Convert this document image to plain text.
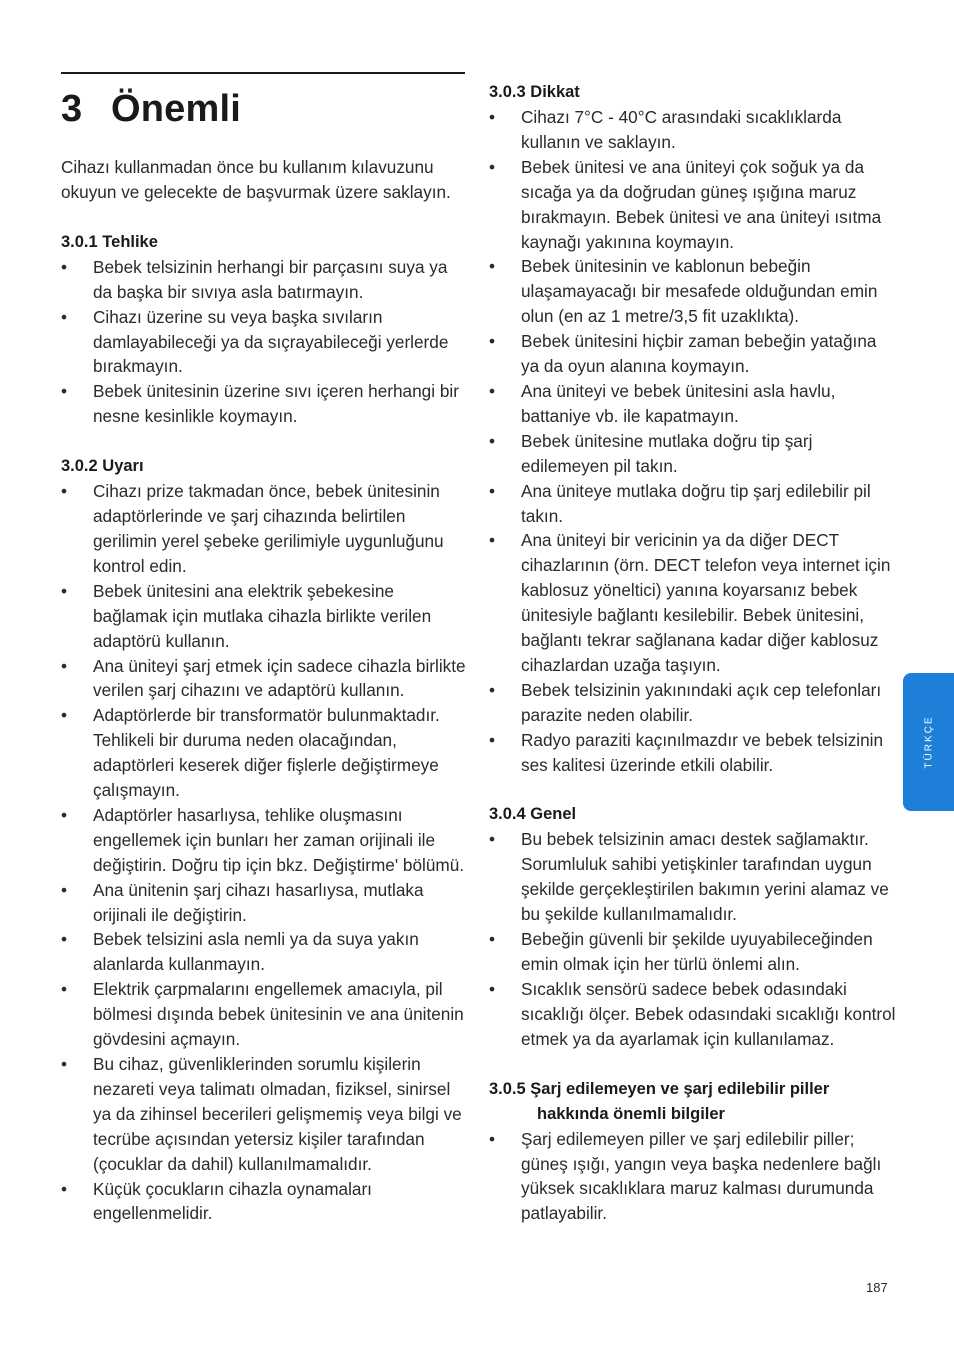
3 Önemli

Cihazı kullanmadan önce bu kullanım kılavuzunu okuyun ve gelecekte de başvurmak üzere saklayın.

3.0.1 Tehlike
• Bebek telsizinin herhangi bir parçasını suya ya da başka bir sıvıya asla batırmayın.
• Cihazı üzerine su veya başka sıvıların damlayabileceği ya da sıçrayabileceği yerlerde bırakmayın.
• Bebek ünitesinin üzerine sıvı içeren herhangi bir nesne kesinlikle koymayın.
3.0.2 Uyarı
• Cihazı prize takmadan önce, bebek ünitesinin adaptörlerinde ve şarj cihazında belirtilen gerilimin yerel şebeke gerilimiyle uygunluğunu kontrol edin.
• Bebek ünitesini ana elektrik şebekesine bağlamak için mutlaka cihazla birlikte verilen adaptörü kullanın.
• Ana üniteyi şarj etmek için sadece cihazla birlikte verilen şarj cihazını ve adaptörü kullanın.
• Adaptörlerde bir transformatör bulunmaktadır. Tehlikeli bir duruma neden olacağından, adaptörleri keserek diğer fişlerle değiştirmeye çalışmayın.
• Adaptörler hasarlıysa, tehlike oluşmasını engellemek için bunları her zaman orijinali ile değiştirin. Doğru tip için bkz. Değiştirme' bölümü.
• Ana ünitenin şarj cihazı hasarlıysa, mutlaka orijinali ile değiştirin.
• Bebek telsizini asla nemli ya da suya yakın alanlarda kullanmayın.
• Elektrik çarpmalarını engellemek amacıyla, pil bölmesi dışında bebek ünitesinin ve ana ünitenin gövdesini açmayın.
• Bu cihaz, güvenliklerinden sorumlu kişilerin nezareti veya talimatı olmadan, fiziksel, sinirsel ya da zihinsel becerileri gelişmemiş veya bilgi ve tecrübe açısından yetersiz kişiler tarafından (çocuklar da dahil) kullanılmamalıdır.
• Küçük çocukların cihazla oynamaları engellenmelidir.
3.0.3 Dikkat
• Cihazı 7°C - 40°C arasındaki sıcaklıklarda kullanın ve saklayın.
• Bebek ünitesi ve ana üniteyi çok soğuk ya da sıcağa ya da doğrudan güneş ışığına maruz bırakmayın. Bebek ünitesi ve ana üniteyi ısıtma kaynağı yakınına koymayın.
• Bebek ünitesinin ve kablonun bebeğin ulaşamayacağı bir mesafede olduğundan emin olun (en az 1 metre/3,5 fit uzaklıkta).
• Bebek ünitesini hiçbir zaman bebeğin yatağına ya da oyun alanına koymayın.
• Ana üniteyi ve bebek ünitesini asla havlu, battaniye vb. ile kapatmayın.
• Bebek ünitesine mutlaka doğru tip şarj edilemeyen pil takın.
• Ana üniteye mutlaka doğru tip şarj edilebilir pil takın.
• Ana üniteyi bir vericinin ya da diğer DECT cihazlarının (örn. DECT telefon veya internet için kablosuz yöneltici) yanına koyarsanız bebek ünitesiyle bağlantı kesilebilir. Bebek ünitesini, bağlantı tekrar sağlanana kadar diğer kablosuz cihazlardan uzağa taşıyın.
• Bebek telsizinin yakınındaki açık cep telefonları parazite neden olabilir.
• Radyo paraziti kaçınılmazdır ve bebek telsizinin ses kalitesi üzerinde etkili olabilir.
3.0.4 Genel
• Bu bebek telsizinin amacı destek sağlamaktır. Sorumluluk sahibi yetişkinler tarafından uygun şekilde gerçekleştirilen bakımın yerini alamaz ve bu şekilde kullanılmamalıdır.
• Bebeğin güvenli bir şekilde uyuyabileceğinden emin olmak için her türlü önlemi alın.
• Sıcaklık sensörü sadece bebek odasındaki sıcaklığı ölçer. Bebek odasındaki sıcaklığı kontrol etmek ya da ayarlamak için kullanılamaz.
3.0.5 Şarj edilemeyen ve şarj edilebilir piller hakkında önemli bilgiler
• Şarj edilemeyen piller ve şarj edilebilir piller; güneş ışığı, yangın veya başka nedenlere bağlı yüksek sıcaklıklara maruz kalması durumunda patlayabilir.
TÜRKÇE
187
